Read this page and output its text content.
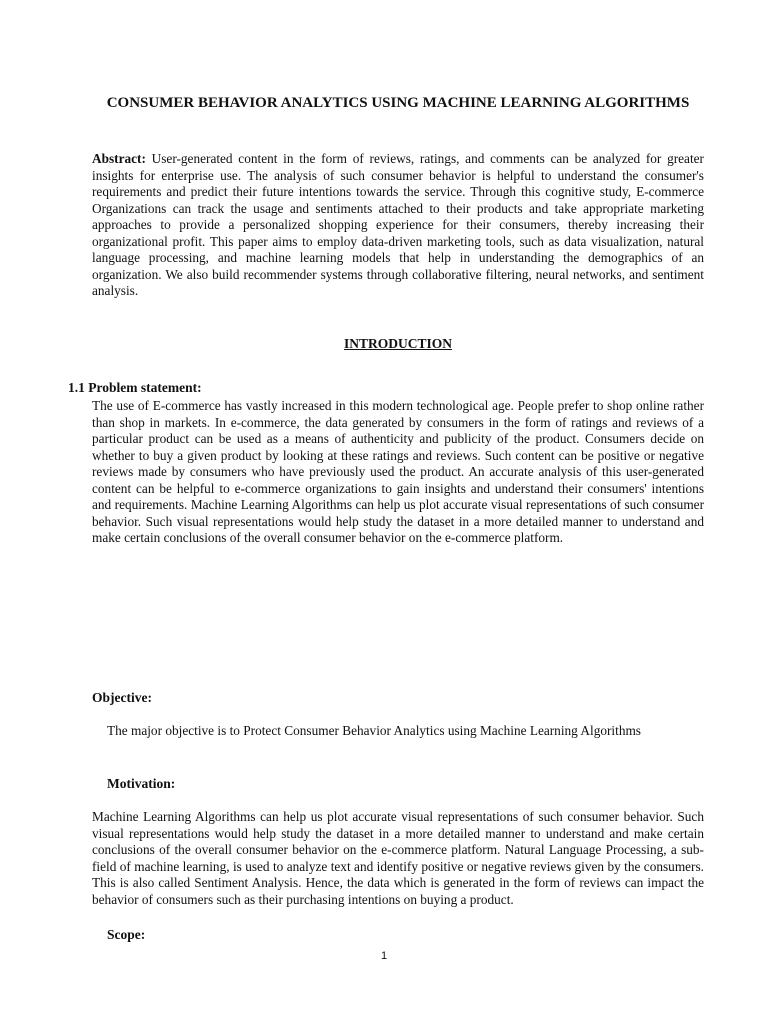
CONSUMER BEHAVIOR ANALYTICS USING MACHINE LEARNING ALGORITHMS

Abstract: User-generated content in the form of reviews, ratings, and comments can be analyzed for greater insights for enterprise use. The analysis of such consumer behavior is helpful to understand the consumer's requirements and predict their future intentions towards the service. Through this cognitive study, E-commerce Organizations can track the usage and sentiments attached to their products and take appropriate marketing approaches to provide a personalized shopping experience for their consumers, thereby increasing their organizational profit. This paper aims to employ data-driven marketing tools, such as data visualization, natural language processing, and machine learning models that help in understanding the demographics of an organization. We also build recommender systems through collaborative filtering, neural networks, and sentiment analysis.

INTRODUCTION
1.1 Problem statement:

The use of E-commerce has vastly increased in this modern technological age. People prefer to shop online rather than shop in markets. In e-commerce, the data generated by consumers in the form of ratings and reviews of a particular product can be used as a means of authenticity and publicity of the product. Consumers decide on whether to buy a given product by looking at these ratings and reviews. Such content can be positive or negative reviews made by consumers who have previously used the product. An accurate analysis of this user-generated content can be helpful to e-commerce organizations to gain insights and understand their consumers' intentions and requirements. Machine Learning Algorithms can help us plot accurate visual representations of such consumer behavior. Such visual representations would help study the dataset in a more detailed manner to understand and make certain conclusions of the overall consumer behavior on the e-commerce platform.

Objective:

The major objective is to Protect Consumer Behavior Analytics using Machine Learning Algorithms

Motivation:

Machine Learning Algorithms can help us plot accurate visual representations of such consumer behavior. Such visual representations would help study the dataset in a more detailed manner to understand and make certain conclusions of the overall consumer behavior on the e-commerce platform. Natural Language Processing, a sub-field of machine learning, is used to analyze text and identify positive or negative reviews given by the consumers. This is also called Sentiment Analysis. Hence, the data which is generated in the form of reviews can impact the behavior of consumers such as their purchasing intentions on buying a product.

Scope:
1
